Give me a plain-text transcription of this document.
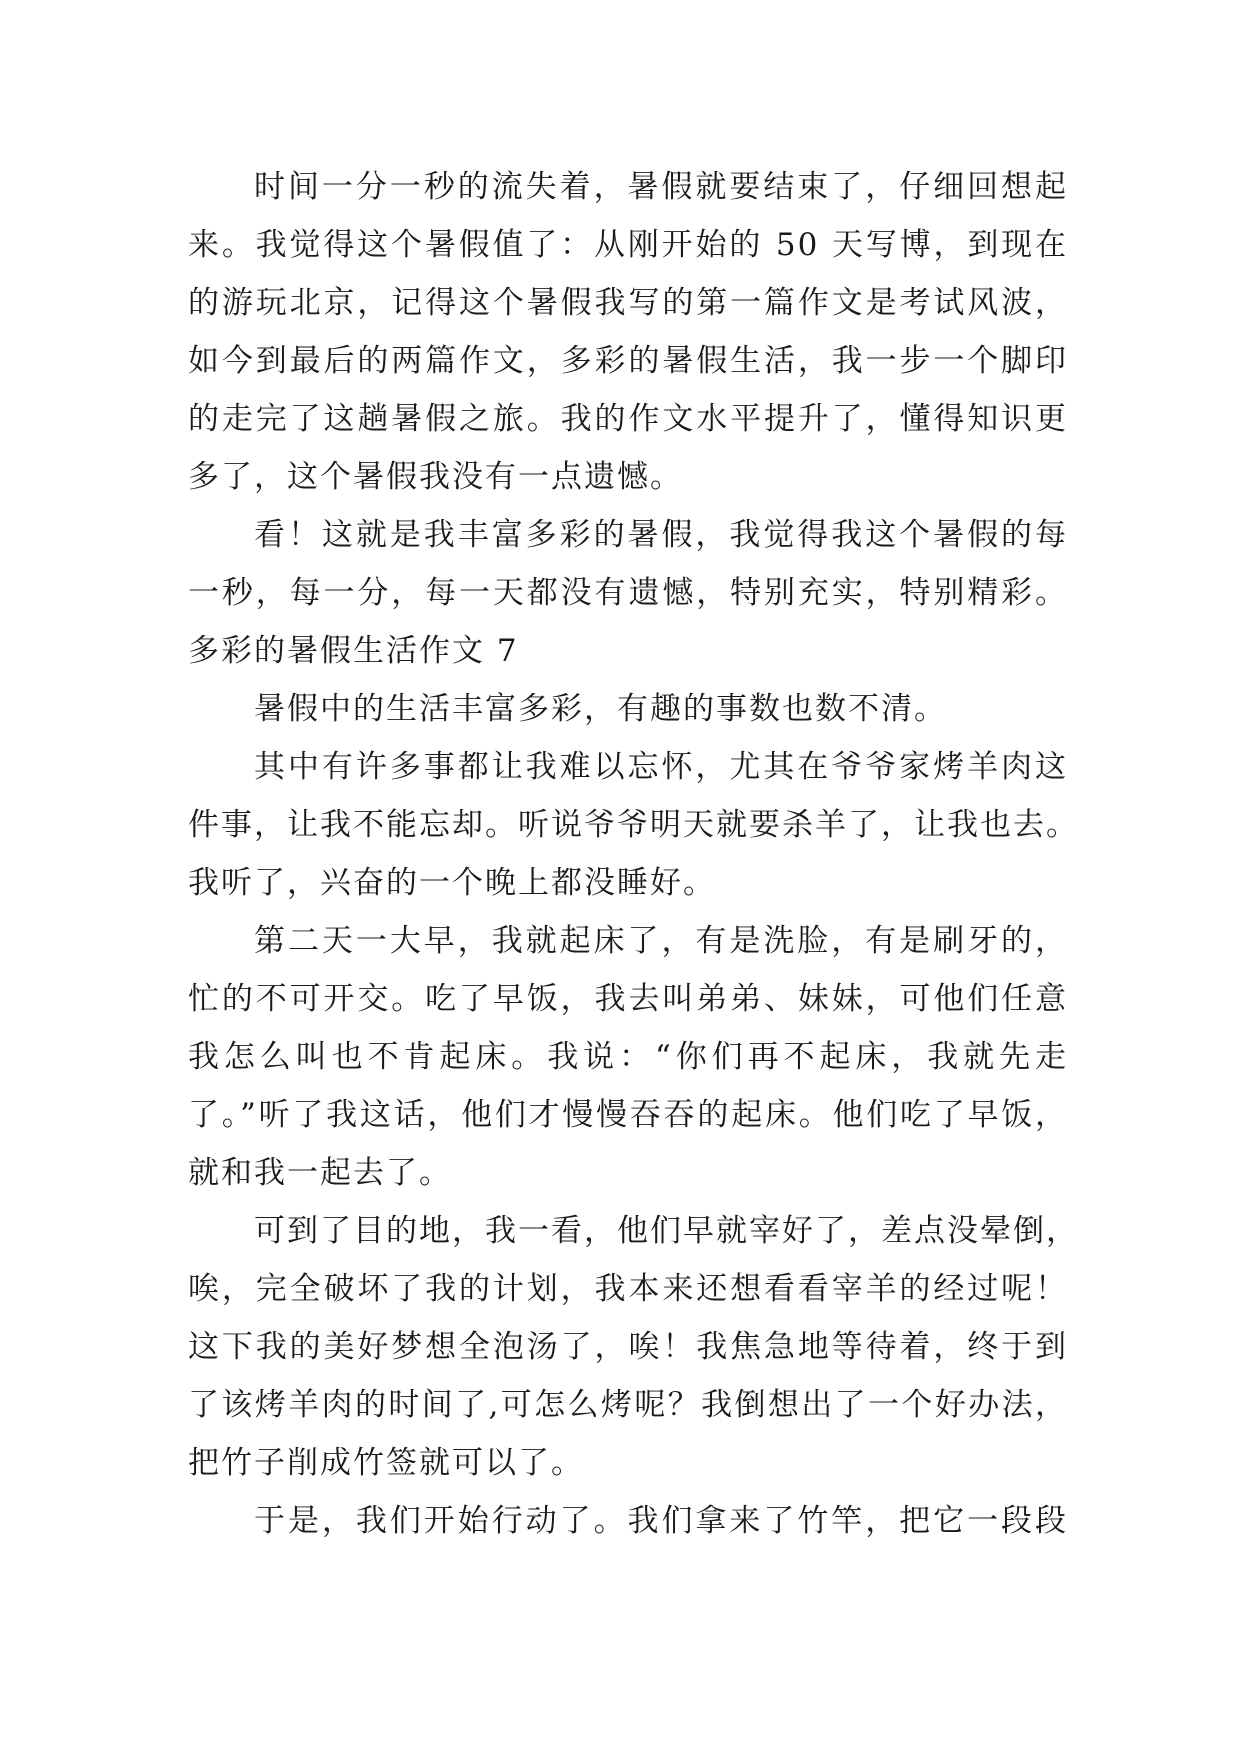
时间一分一秒的流失着，暑假就要结束了，仔细回想起
来。我觉得这个暑假值了：从刚开始的 50 天写博，到现在
的游玩北京，记得这个暑假我写的第一篇作文是考试风波，
如今到最后的两篇作文，多彩的暑假生活，我一步一个脚印
的走完了这趟暑假之旅。我的作文水平提升了，懂得知识更
多了，这个暑假我没有一点遗憾。
看！这就是我丰富多彩的暑假，我觉得我这个暑假的每
一秒，每一分，每一天都没有遗憾，特别充实，特别精彩。
多彩的暑假生活作文 7
暑假中的生活丰富多彩，有趣的事数也数不清。
其中有许多事都让我难以忘怀，尤其在爷爷家烤羊肉这
件事，让我不能忘却。听说爷爷明天就要杀羊了，让我也去。
我听了，兴奋的一个晚上都没睡好。
第二天一大早，我就起床了，有是洗脸，有是刷牙的，
忙的不可开交。吃了早饭，我去叫弟弟、妹妹，可他们任意
我怎么叫也不肯起床。我说：“你们再不起床，我就先走
了。”听了我这话，他们才慢慢吞吞的起床。他们吃了早饭，
就和我一起去了。
可到了目的地，我一看，他们早就宰好了，差点没晕倒，
唉，完全破坏了我的计划，我本来还想看看宰羊的经过呢！
这下我的美好梦想全泡汤了，唉！我焦急地等待着，终于到
了该烤羊肉的时间了,可怎么烤呢？我倒想出了一个好办法，
把竹子削成竹签就可以了。
于是，我们开始行动了。我们拿来了竹竿，把它一段段
